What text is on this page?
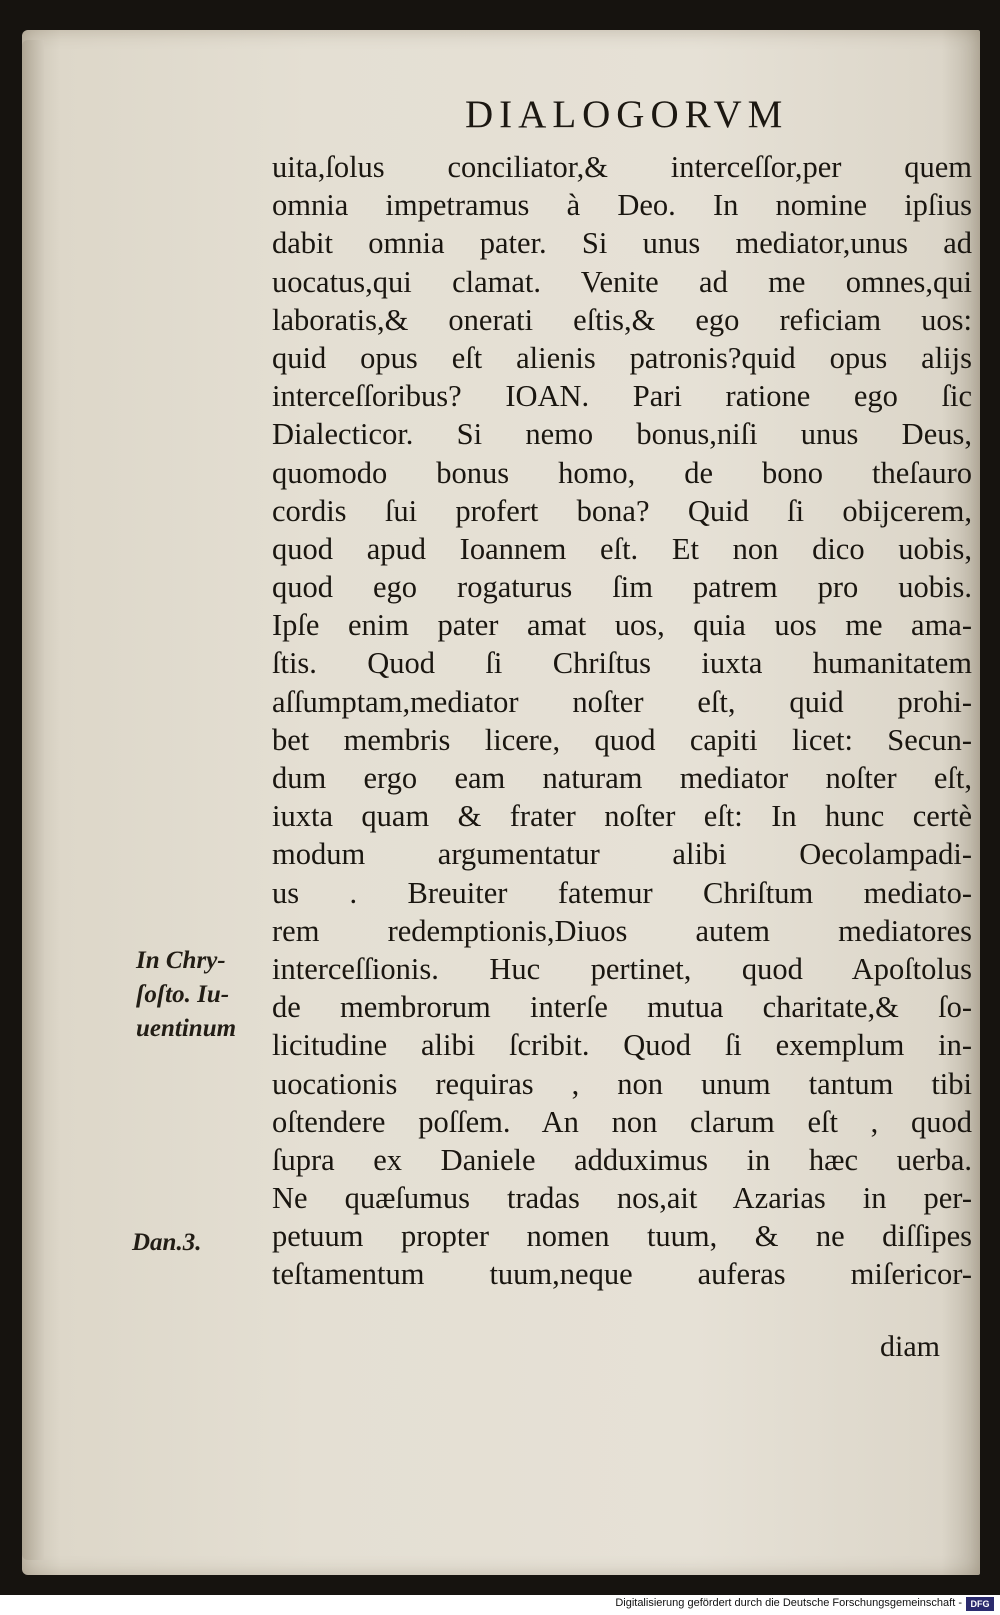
DIALOGORVM
uita,ſolus conciliator,& interceſſor,per quem
omnia impetramus à Deo. In nomine ipſius
dabit omnia pater. Si unus mediator,unus ad
uocatus,qui clamat. Venite ad me omnes,qui
laboratis,& onerati eſtis,& ego reficiam uos:
quid opus eſt alienis patronis?quid opus alijs
interceſſoribus? IOAN. Pari ratione ego ſic
Dialecticor. Si nemo bonus,niſi unus Deus,
quomodo bonus homo, de bono theſauro
cordis ſui profert bona? Quid ſi obijcerem,
quod apud Ioannem eſt. Et non dico uobis,
quod ego rogaturus ſim patrem pro uobis.
Ipſe enim pater amat uos, quia uos me ama-
ſtis. Quod ſi Chriſtus iuxta humanitatem
aſſumptam,mediator noſter eſt, quid prohi-
bet membris licere, quod capiti licet: Secun-
dum ergo eam naturam mediator noſter eſt,
iuxta quam & frater noſter eſt: In hunc certè
modum argumentatur alibi Oecolampadi-
us . Breuiter fatemur Chriſtum mediato-
rem redemptionis,Diuos autem mediatores
interceſſionis. Huc pertinet, quod Apoſtolus
de membrorum interſe mutua charitate,& ſo-
licitudine alibi ſcribit. Quod ſi exemplum in-
uocationis requiras , non unum tantum tibi
oſtendere poſſem. An non clarum eſt , quod
ſupra ex Daniele adduximus in hæc uerba.
Ne quæſumus tradas nos,ait Azarias in per-
petuum propter nomen tuum, & ne diſſipes
teſtamentum tuum,neque auferas miſericor-
diam
In Chry-
ſoſto. Iu-
uentinum
Dan.3.
Digitalisierung gefördert durch die Deutsche Forschungsgemeinschaft - DFG
